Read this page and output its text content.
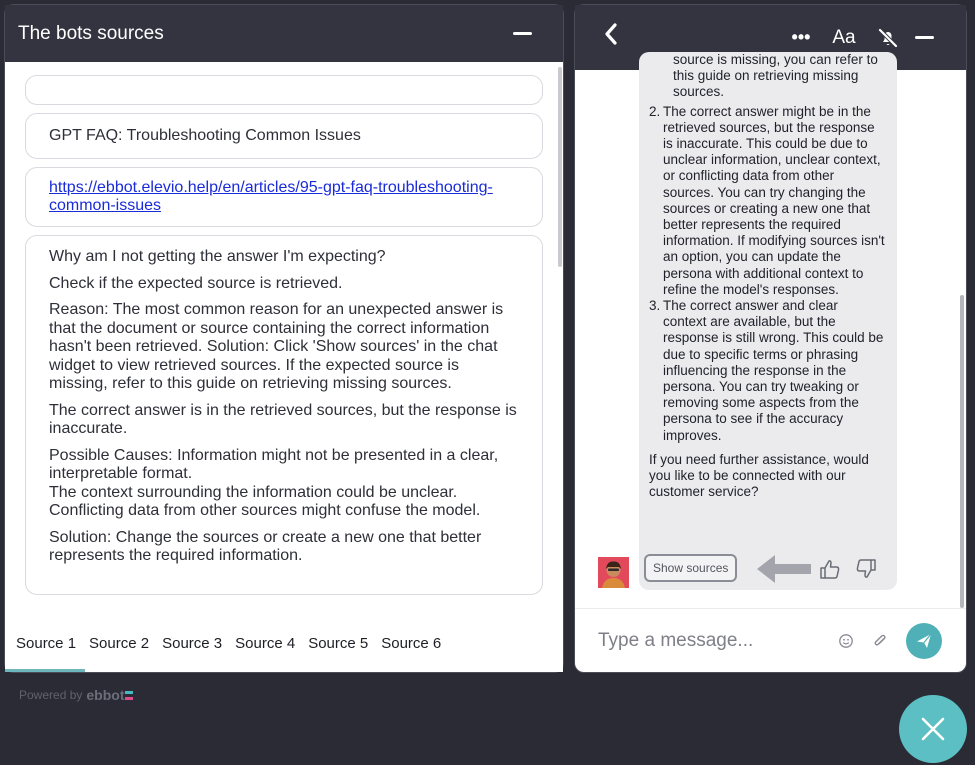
The bots sources
GPT FAQ: Troubleshooting Common Issues
https://ebbot.elevio.help/en/articles/95-gpt-faq-troubleshooting-common-issues

Why am I not getting the answer I'm expecting?

Check if the expected source is retrieved.

Reason: The most common reason for an unexpected answer is that the document or source containing the correct information hasn't been retrieved. Solution: Click 'Show sources' in the chat widget to view retrieved sources. If the expected source is missing, refer to this guide on retrieving missing sources.

The correct answer is in the retrieved sources, but the response is inaccurate.

Possible Causes: Information might not be presented in a clear, interpretable format.
The context surrounding the information could be unclear.
Conflicting data from other sources might confuse the model.

Solution: Change the sources or create a new one that better represents the required information.

Source 1 Source 2 Source 3 Source 4 Source 5 Source 6
Powered by ebbot
•••	Aa
source is missing, you can refer to this guide on retrieving missing sources.
2. The correct answer might be in the retrieved sources, but the response is inaccurate. This could be due to unclear information, unclear context, or conflicting data from other sources. You can try changing the sources or creating a new one that better represents the required information. If modifying sources isn't an option, you can update the persona with additional context to refine the model's responses.
3. The correct answer and clear context are available, but the response is still wrong. This could be due to specific terms or phrasing influencing the response in the persona. You can try tweaking or removing some aspects from the persona to see if the accuracy improves.
If you need further assistance, would you like to be connected with our customer service?
Show sources
Type a message...
